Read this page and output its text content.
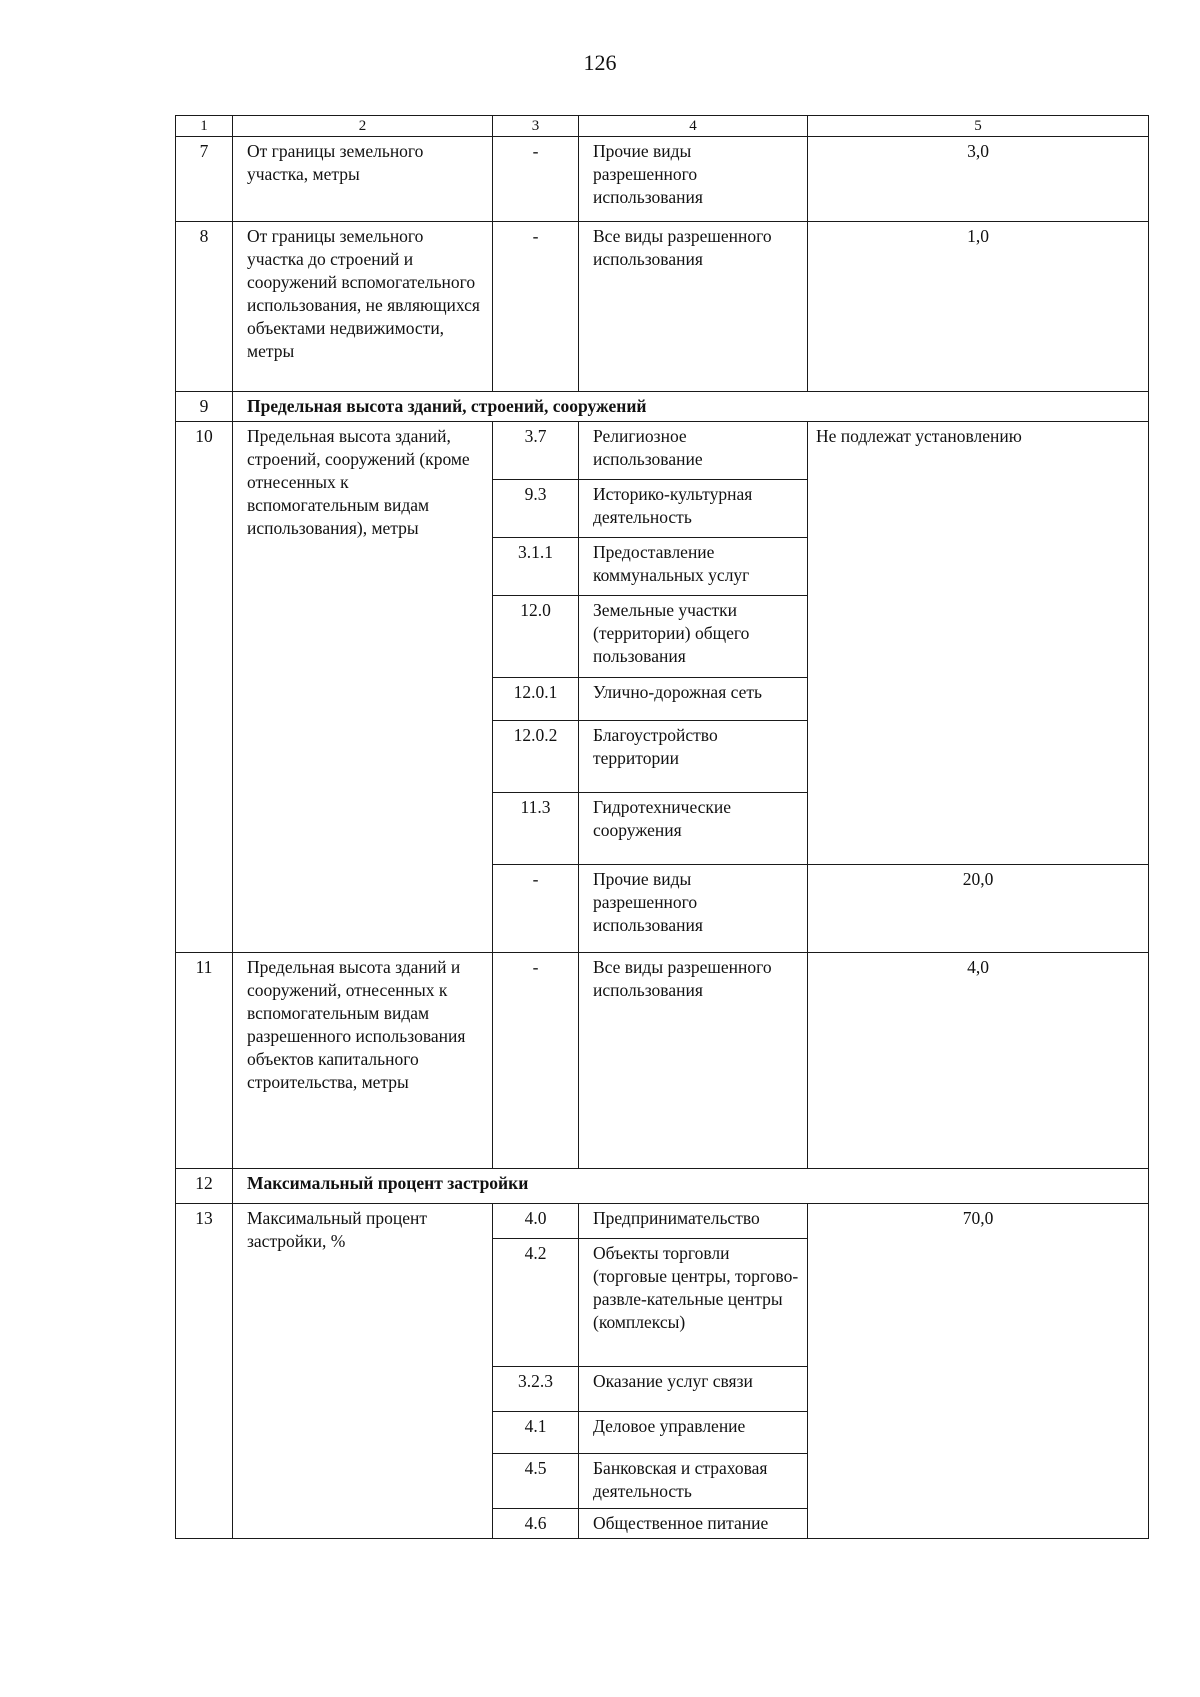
126
1	2	3	4	5
7	От границы земельного участка, метры	-	Прочие виды разрешенного использования	3,0
8	От границы земельного участка до строений и сооружений вспомогательного использования, не являющихся объектами недвижимости, метры	-	Все виды разрешенного использования	1,0
9	Предельная высота зданий, строений, сооружений			
10	Предельная высота зданий, строений, сооружений (кроме отнесенных к вспомогательным видам использования), метры	3.7	Религиозное использование	Не подлежат установлению
		9.3	Историко-культурная деятельность	
		3.1.1	Предоставление коммунальных услуг	
		12.0	Земельные участки (территории) общего пользования	
		12.0.1	Улично-дорожная сеть	
		12.0.2	Благоустройство территории	
		11.3	Гидротехнические сооружения	
		-	Прочие виды разрешенного использования	20,0
11	Предельная высота зданий и сооружений, отнесенных к вспомогательным видам разрешенного использования объектов капитального строительства, метры	-	Все виды разрешенного использования	4,0
12	Максимальный процент застройки			
13	Максимальный процент застройки, %	4.0	Предпринимательство	70,0
		4.2	Объекты торговли (торговые центры, торгово-развле-кательные центры (комплексы)	
		3.2.3	Оказание услуг связи	
		4.1	Деловое управление	
		4.5	Банковская и страховая деятельность	
		4.6	Общественное питание	
